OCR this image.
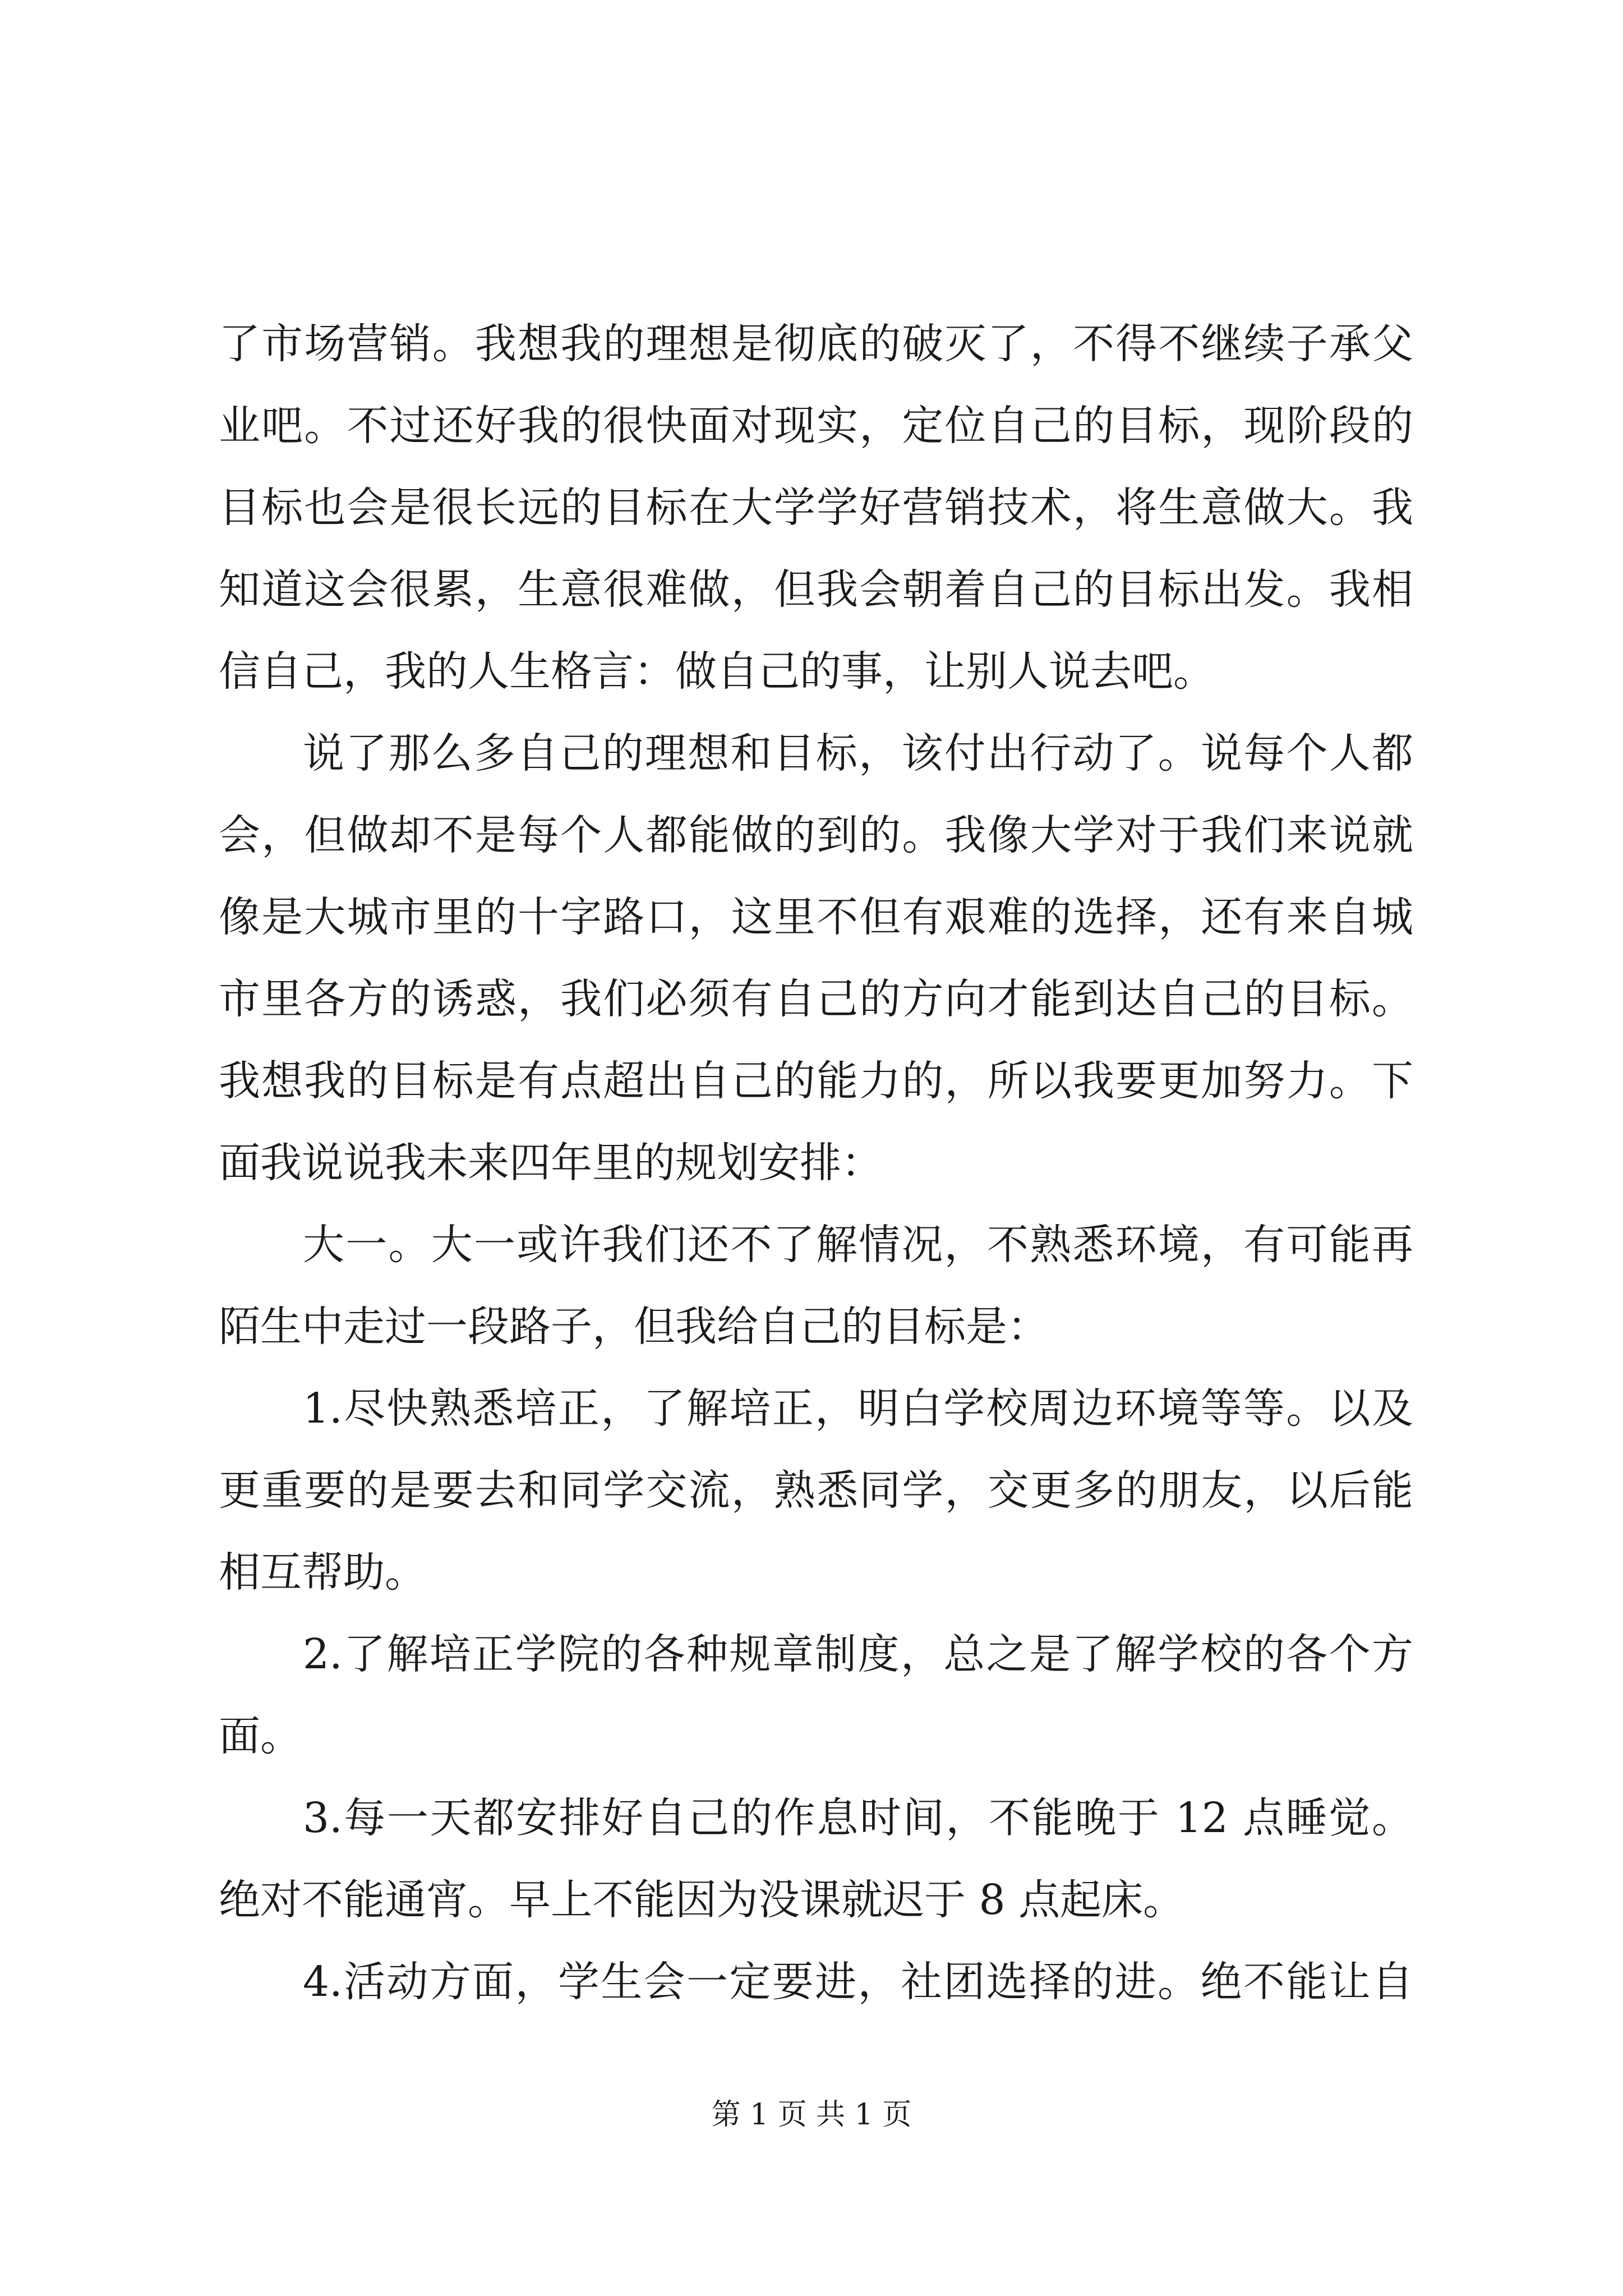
了市场营销。我想我的理想是彻底的破灭了，不得不继续子承父
业吧。不过还好我的很快面对现实，定位自己的目标，现阶段的
目标也会是很长远的目标在大学学好营销技术，将生意做大。我
知道这会很累，生意很难做，但我会朝着自己的目标出发。我相
信自己，我的人生格言：做自己的事，让别人说去吧。
说了那么多自己的理想和目标，该付出行动了。说每个人都
会，但做却不是每个人都能做的到的。我像大学对于我们来说就
像是大城市里的十字路口，这里不但有艰难的选择，还有来自城
市里各方的诱惑，我们必须有自己的方向才能到达自己的目标。
我想我的目标是有点超出自己的能力的，所以我要更加努力。下
面我说说我未来四年里的规划安排：
大一。大一或许我们还不了解情况，不熟悉环境，有可能再
陌生中走过一段路子，但我给自己的目标是：
1.尽快熟悉培正，了解培正，明白学校周边环境等等。以及
更重要的是要去和同学交流，熟悉同学，交更多的朋友，以后能
相互帮助。
2.了解培正学院的各种规章制度，总之是了解学校的各个方
面。
3.每一天都安排好自己的作息时间，不能晚于 12 点睡觉。
绝对不能通宵。早上不能因为没课就迟于 8 点起床。
4.活动方面，学生会一定要进，社团选择的进。绝不能让自
第 1 页 共 1 页
